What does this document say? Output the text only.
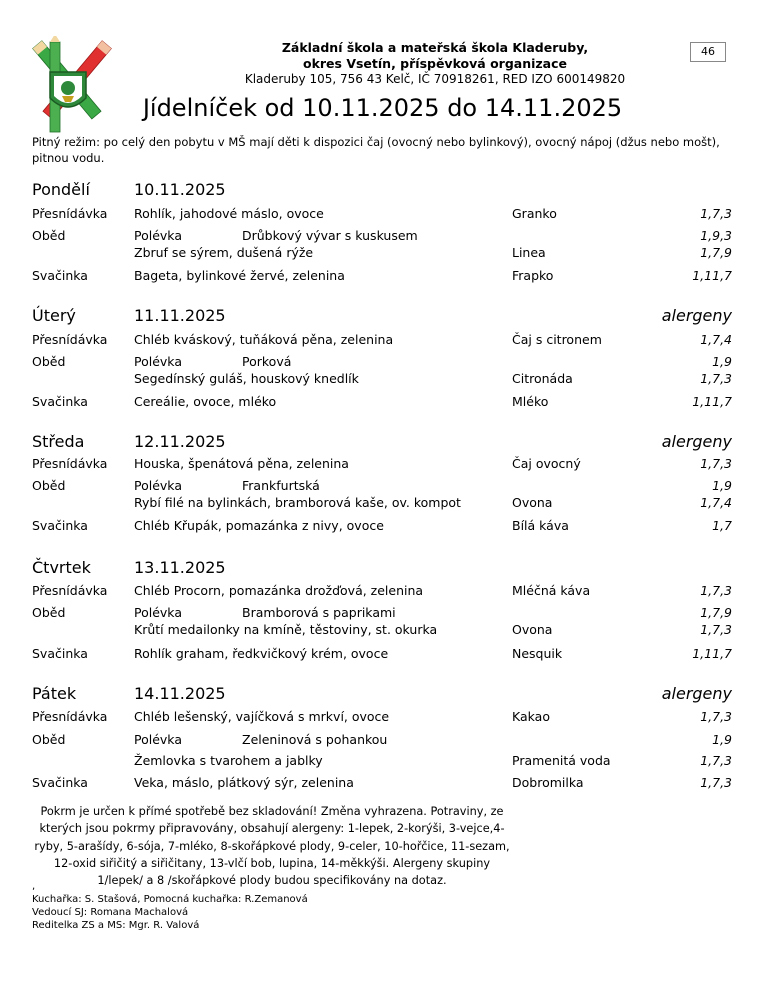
Základní škola a mateřská škola Kladeruby,
okres Vsetín, příspěvková organizace
Kladeruby 105, 756 43 Kelč, IČ 70918261, RED IZO 600149820
46
Jídelníček od 10.11.2025 do 14.11.2025
Pitný režim: po celý den pobytu v MŠ mají děti k dispozici čaj (ovocný nebo bylinkový), ovocný nápoj (džus nebo mošt), pitnou vodu.
Pondělí	10.11.2025
Přesnídávka Rohlík, jahodové máslo, ovoce	Granko	1,7,3
Oběd	Polévka	Drůbkový vývar s kuskusem	1,9,3
Zbruf se sýrem, dušená rýže	Linea	1,7,9
Svačinka	Bageta, bylinkové žervé, zelenina	Frapko	1,11,7
Úterý	11.11.2025	alergeny
Přesnídávka Chléb kváskový, tuňáková pěna, zelenina	Čaj s citronem	1,7,4
Oběd	Polévka	Porková	1,9
Segedínský guláš, houskový knedlík	Citronáda	1,7,3
Svačinka	Cereálie, ovoce, mléko	Mléko	1,11,7
Středa	12.11.2025	alergeny
Přesnídávka Houska, špenátová pěna, zelenina	Čaj ovocný	1,7,3
Oběd	Polévka	Frankfurtská	1,9
Rybí filé na bylinkách, bramborová kaše, ov. kompot	Ovona	1,7,4
Svačinka	Chléb Křupák, pomazánka z nivy, ovoce	Bílá káva	1,7
Čtvrtek	13.11.2025
Přesnídávka Chléb Procorn, pomazánka drožďová, zelenina	Mléčná káva	1,7,3
Oběd	Polévka	Bramborová s paprikami	1,7,9
Krůtí medailonky na kmíně, těstoviny, st. okurka	Ovona	1,7,3
Svačinka	Rohlík graham, ředkvičkový krém, ovoce	Nesquik	1,11,7
Pátek	14.11.2025	alergeny
Přesnídávka Chléb lešenský, vajíčková s mrkví, ovoce	Kakao	1,7,3
Oběd	Polévka	Zeleninová s pohankou	1,9
Žemlovka s tvarohem a jablky	Pramenitá voda	1,7,3
Svačinka	Veka, máslo, plátkový sýr, zelenina	Dobromilka	1,7,3
Pokrm je určen k přímé spotřebě bez skladování! Změna vyhrazena. Potraviny, ze kterých jsou pokrmy připravovány, obsahují alergeny: 1-lepek, 2-korýši, 3-vejce,4-ryby, 5-arašídy, 6-sója, 7-mléko, 8-skořápkové plody, 9-celer, 10-hořčice, 11-sezam, 12-oxid siřičitý a siřičitany, 13-vlčí bob, lupina, 14-měkkýši. Alergeny skupiny 1/lepek/ a 8 /skořápkové plody budou specifikovány na dotaz.
,
Kuchařka: S. Stašová, Pomocná kuchařka: R.Zemanová
Vedoucí SJ: Romana Machalová
Reditelka ZS a MS: Mgr. R. Valová
